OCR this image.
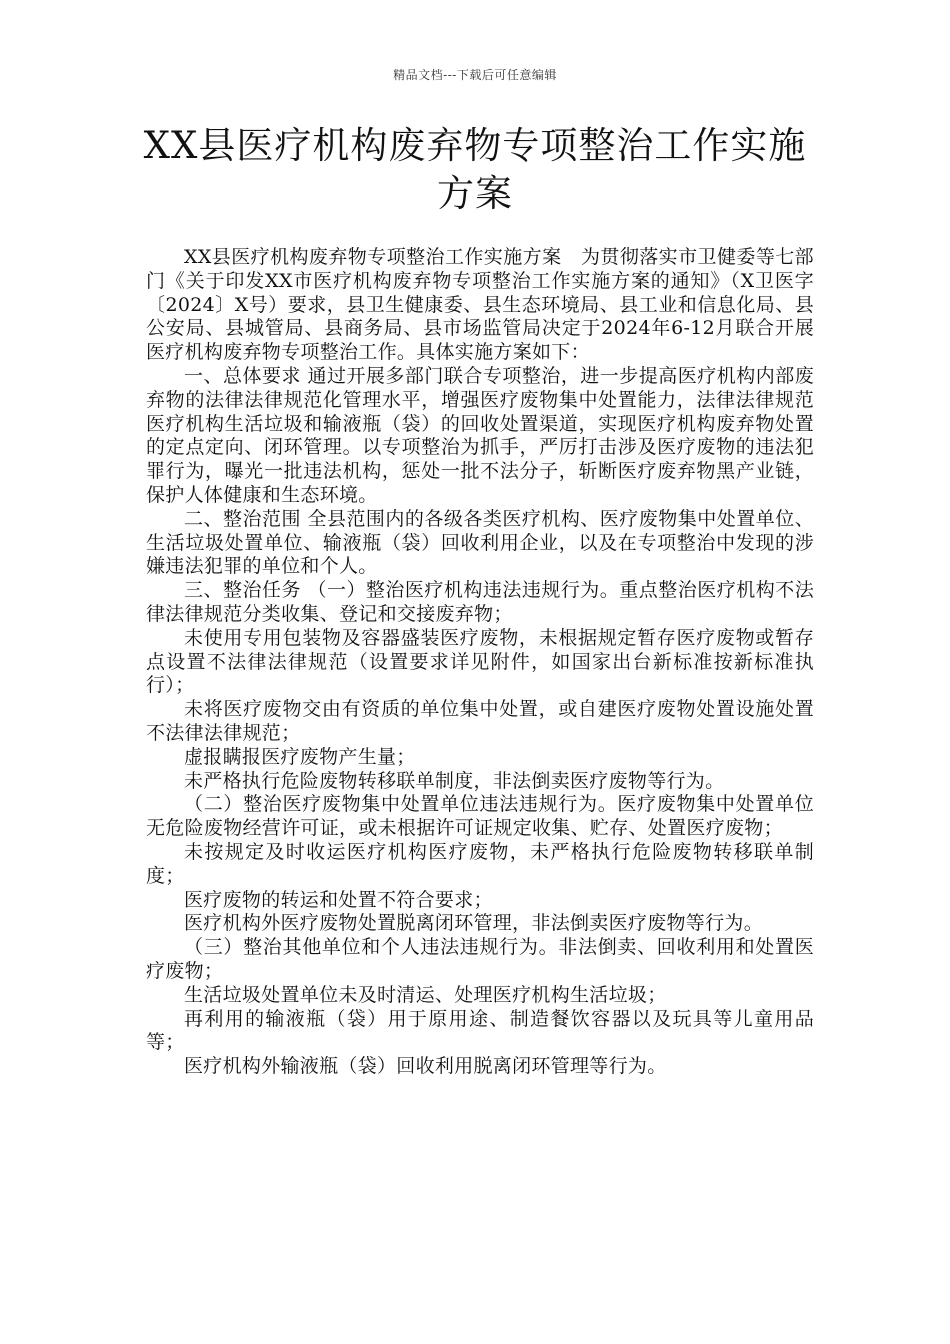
精品文档---下载后可任意编辑
XX县医疗机构废弃物专项整治工作实施方案

XX县医疗机构废弃物专项整治工作实施方案　为贯彻落实市卫健委等七部门《关于印发XX市医疗机构废弃物专项整治工作实施方案的通知》（X卫医字〔2024〕X号）要求，县卫生健康委、县生态环境局、县工业和信息化局、县公安局、县城管局、县商务局、县市场监管局决定于2024年6-12月联合开展医疗机构废弃物专项整治工作。具体实施方案如下：

一、总体要求 通过开展多部门联合专项整治，进一步提高医疗机构内部废弃物的法律法律规范化管理水平，增强医疗废物集中处置能力，法律法律规范医疗机构生活垃圾和输液瓶（袋）的回收处置渠道，实现医疗机构废弃物处置的定点定向、闭环管理。以专项整治为抓手，严厉打击涉及医疗废物的违法犯罪行为，曝光一批违法机构，惩处一批不法分子，斩断医疗废弃物黑产业链，保护人体健康和生态环境。

二、整治范围 全县范围内的各级各类医疗机构、医疗废物集中处置单位、生活垃圾处置单位、输液瓶（袋）回收利用企业，以及在专项整治中发现的涉嫌违法犯罪的单位和个人。

三、整治任务 （一）整治医疗机构违法违规行为。重点整治医疗机构不法律法律规范分类收集、登记和交接废弃物；

未使用专用包装物及容器盛装医疗废物，未根据规定暂存医疗废物或暂存点设置不法律法律规范（设置要求详见附件，如国家出台新标准按新标准执行）；

未将医疗废物交由有资质的单位集中处置，或自建医疗废物处置设施处置不法律法律规范；

虚报瞒报医疗废物产生量；

未严格执行危险废物转移联单制度，非法倒卖医疗废物等行为。

（二）整治医疗废物集中处置单位违法违规行为。医疗废物集中处置单位无危险废物经营许可证，或未根据许可证规定收集、贮存、处置医疗废物；

未按规定及时收运医疗机构医疗废物，未严格执行危险废物转移联单制度；

医疗废物的转运和处置不符合要求；

医疗机构外医疗废物处置脱离闭环管理，非法倒卖医疗废物等行为。

（三）整治其他单位和个人违法违规行为。非法倒卖、回收利用和处置医疗废物；

生活垃圾处置单位未及时清运、处理医疗机构生活垃圾；

再利用的输液瓶（袋）用于原用途、制造餐饮容器以及玩具等儿童用品等；

医疗机构外输液瓶（袋）回收利用脱离闭环管理等行为。
